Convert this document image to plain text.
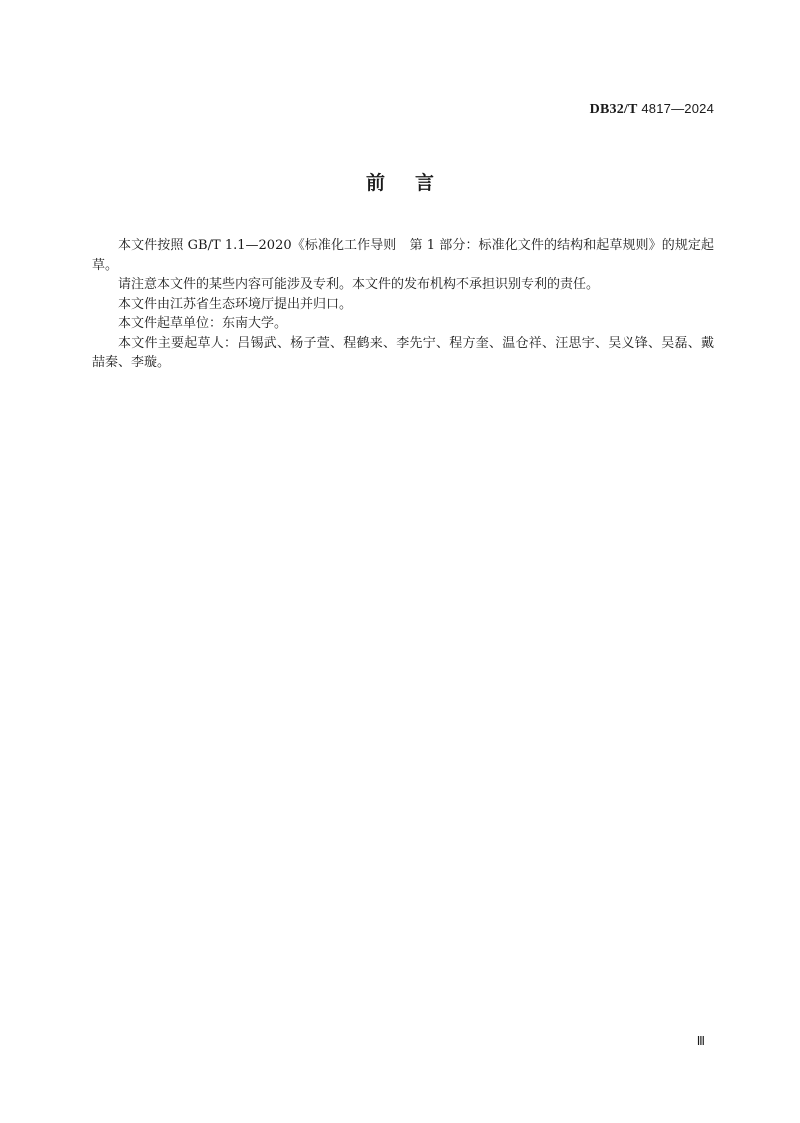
DB32/T 4817—2024
前言

本文件按照 GB/T 1.1—2020《标准化工作导则　第 1 部分：标准化文件的结构和起草规则》的规定起草。

请注意本文件的某些内容可能涉及专利。本文件的发布机构不承担识别专利的责任。

本文件由江苏省生态环境厅提出并归口。

本文件起草单位：东南大学。

本文件主要起草人：吕锡武、杨子萱、程鹤来、李先宁、程方奎、温仓祥、汪思宇、吴义锋、吴磊、戴喆秦、李璇。

Ⅲ
